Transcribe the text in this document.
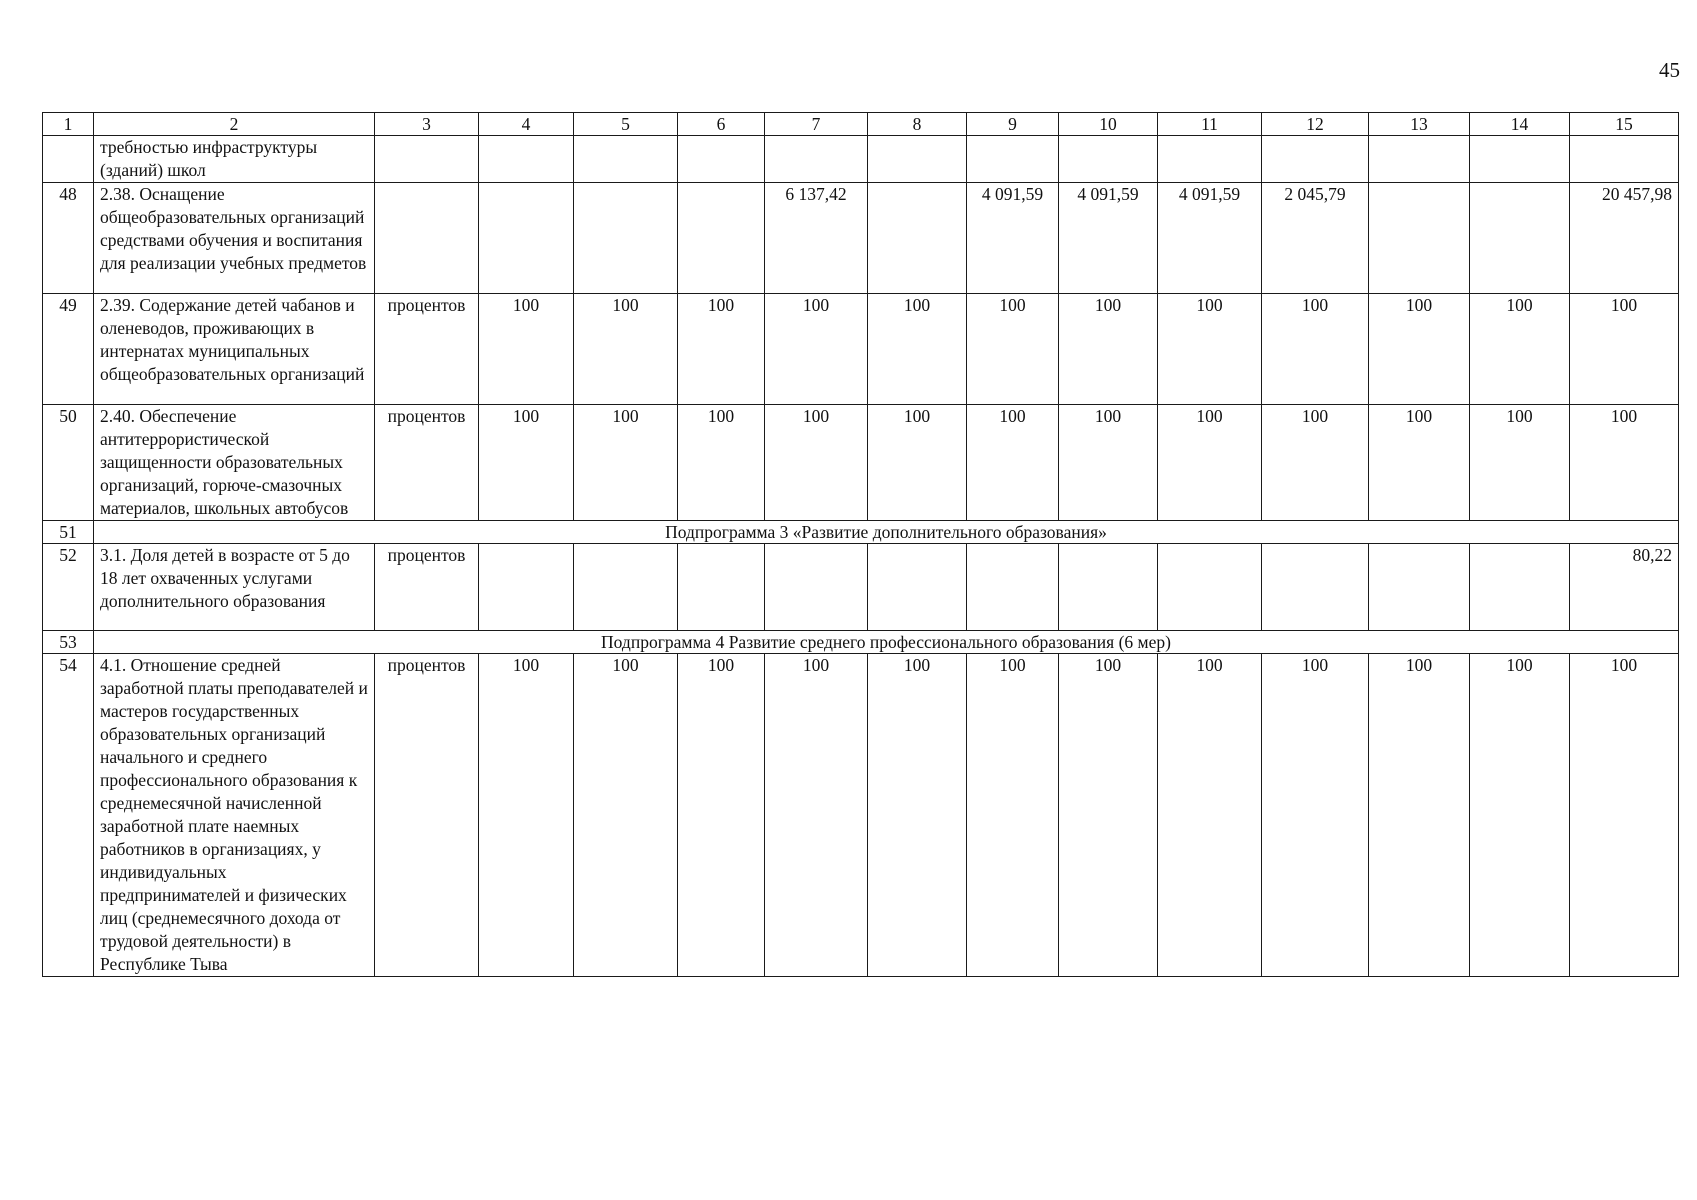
45
1	2	3	4	5	6	7	8	9	10	11	12	13	14	15
	требностью инфраструктуры (зданий) школ													
48	2.38. Оснащение общеобразовательных организаций средствами обучения и воспитания для реализации учебных предметов					6 137,42		4 091,59	4 091,59	4 091,59	2 045,79			20 457,98
49	2.39. Содержание детей чабанов и оленеводов, проживающих в интернатах муниципальных общеобразовательных организаций	процентов	100	100	100	100	100	100	100	100	100	100	100	100
50	2.40. Обеспечение антитеррористической защищенности образовательных организаций, горюче-смазочных материалов, школьных автобусов	процентов	100	100	100	100	100	100	100	100	100	100	100	100
51	Подпрограмма 3 «Развитие дополнительного образования»													
52	3.1. Доля детей в возрасте от 5 до 18 лет охваченных услугами дополнительного образования	процентов												80,22
53	Подпрограмма 4 Развитие среднего профессионального образования (6 мер)													
54	4.1. Отношение средней заработной платы преподавателей и мастеров государственных образовательных организаций начального и среднего профессионального образования к среднемесячной начисленной заработной плате наемных работников в организациях, у индивидуальных предпринимателей и физических лиц (среднемесячного дохода от трудовой деятельности) в Республике Тыва	процентов	100	100	100	100	100	100	100	100	100	100	100	100
